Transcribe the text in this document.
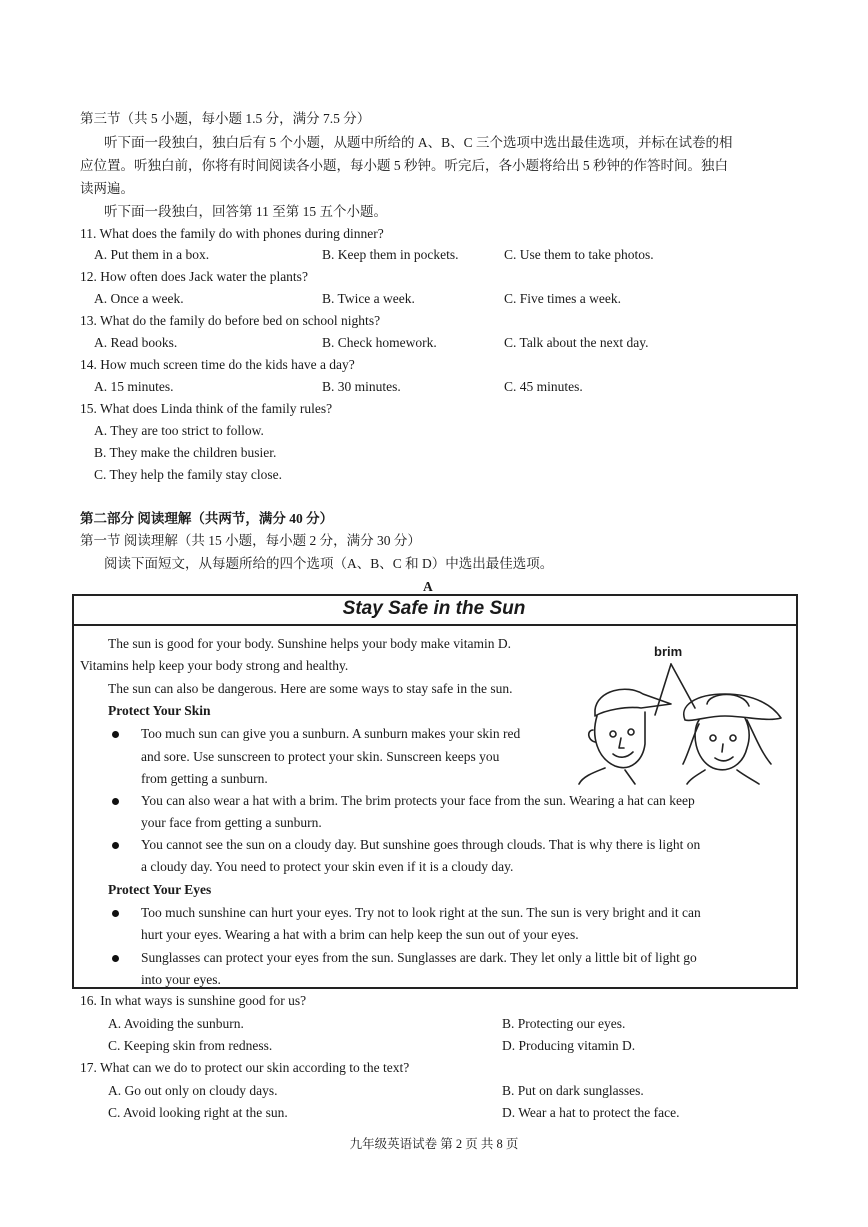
第三节（共 5 小题，每小题 1.5 分，满分 7.5 分）
听下面一段独白，独白后有 5 个小题，从题中所给的 A、B、C 三个选项中选出最佳选项，并标在试卷的相
应位置。听独白前，你将有时间阅读各小题，每小题 5 秒钟。听完后，各小题将给出 5 秒钟的作答时间。独白
读两遍。
听下面一段独白，回答第 11 至第 15 五个小题。
11. What does the family do with phones during dinner?
A. Put them in a box.	B. Keep them in pockets.	C. Use them to take photos.
12. How often does Jack water the plants?
A. Once a week.	B. Twice a week.	C. Five times a week.
13. What do the family do before bed on school nights?
A. Read books.	B. Check homework.	C. Talk about the next day.
14. How much screen time do the kids have a day?
A. 15 minutes.	B. 30 minutes.	C. 45 minutes.
15. What does Linda think of the family rules?
A. They are too strict to follow.
B. They make the children busier.
C. They help the family stay close.
第二部分 阅读理解（共两节，满分 40 分）
第一节 阅读理解（共 15 小题，每小题 2 分，满分 30 分）
阅读下面短文，从每题所给的四个选项（A、B、C 和 D）中选出最佳选项。
A
Stay Safe in the Sun
The sun is good for your body. Sunshine helps your body make vitamin D.
Vitamins help keep your body strong and healthy.
The sun can also be dangerous. Here are some ways to stay safe in the sun.
Protect Your Skin
Too much sun can give you a sunburn. A sunburn makes your skin red
and sore. Use sunscreen to protect your skin. Sunscreen keeps you
from getting a sunburn.
You can also wear a hat with a brim. The brim protects your face from the sun. Wearing a hat can keep
your face from getting a sunburn.
You cannot see the sun on a cloudy day. But sunshine goes through clouds. That is why there is light on
a cloudy day. You need to protect your skin even if it is a cloudy day.
Protect Your Eyes
Too much sunshine can hurt your eyes. Try not to look right at the sun. The sun is very bright and it can
hurt your eyes. Wearing a hat with a brim can help keep the sun out of your eyes.
Sunglasses can protect your eyes from the sun. Sunglasses are dark. They let only a little bit of light go
into your eyes.
brim
16. In what ways is sunshine good for us?
A. Avoiding the sunburn.	B. Protecting our eyes.
C. Keeping skin from redness.	D. Producing vitamin D.
17. What can we do to protect our skin according to the text?
A. Go out only on cloudy days.	B. Put on dark sunglasses.
C. Avoid looking right at the sun.	D. Wear a hat to protect the face.
九年级英语试卷 第 2 页 共 8 页
